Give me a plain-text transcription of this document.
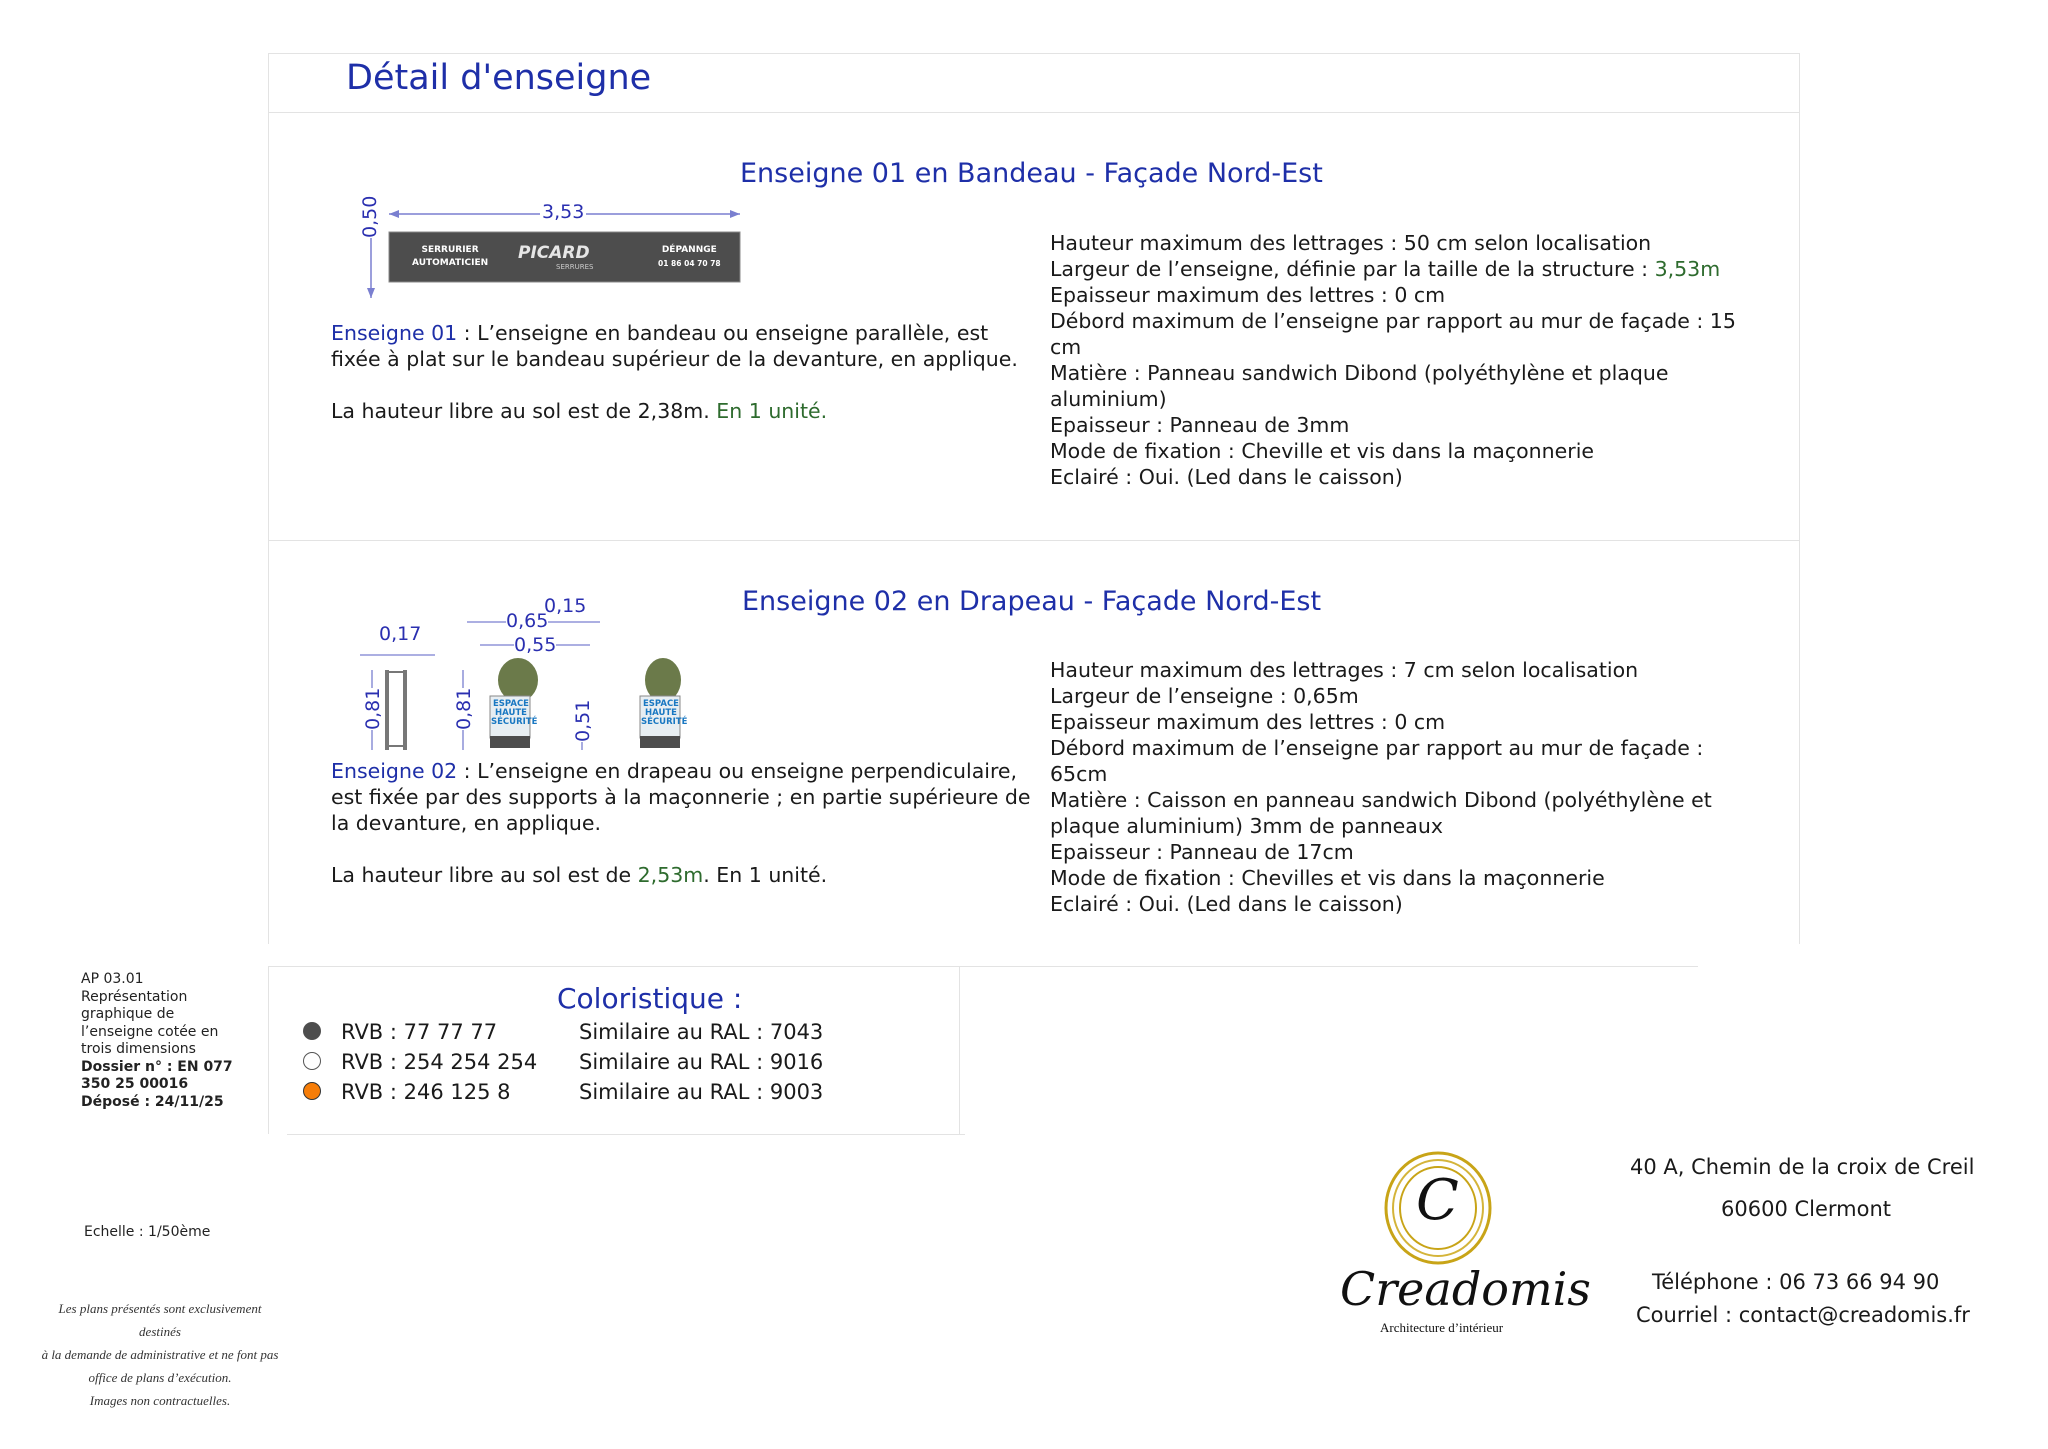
Détail d'enseigne
Enseigne 01 en Bandeau - Façade Nord-Est
3,53
0,50
SERRURIER
AUTOMATICIEN PICARD
SERRURES
DÉPANNGE
01 86 04 70 78
Enseigne 01 : L’enseigne en bandeau ou enseigne parallèle, est
fixée à plat sur le bandeau supérieur de la devanture, en applique.
La hauteur libre au sol est de 2,38m. En 1 unité.
Hauteur maximum des lettrages : 50 cm selon localisation
Largeur de l’enseigne, définie par la taille de la structure : 3,53m
Epaisseur maximum des lettres : 0 cm
Débord maximum de l’enseigne par rapport au mur de façade : 15
cm
Matière : Panneau sandwich Dibond (polyéthylène et plaque
aluminium)
Epaisseur : Panneau de 3mm
Mode de fixation : Cheville et vis dans la maçonnerie
Eclairé : Oui. (Led dans le caisson)
Enseigne 02 en Drapeau - Façade Nord-Est
0,17
0,65
0,15
0,55
0,81	0,81	0,51
ESPACE
HAUTE
SÉCURITÉ
ESPACE
HAUTE
SÉCURITÉ
Enseigne 02 : L’enseigne en drapeau ou enseigne perpendiculaire,
est fixée par des supports à la maçonnerie ; en partie supérieure de
la devanture, en applique.
La hauteur libre au sol est de 2,53m. En 1 unité.
Hauteur maximum des lettrages : 7 cm selon localisation
Largeur de l’enseigne : 0,65m
Epaisseur maximum des lettres : 0 cm
Débord maximum de l’enseigne par rapport au mur de façade :
65cm
Matière : Caisson en panneau sandwich Dibond (polyéthylène et
plaque aluminium) 3mm de panneaux
Epaisseur : Panneau de 17cm
Mode de fixation : Chevilles et vis dans la maçonnerie
Eclairé : Oui. (Led dans le caisson)
Coloristique :
RVB : 77 77 77	Similaire au RAL : 7043
RVB : 254 254 254 Similaire au RAL : 9016
RVB : 246 125 8	Similaire au RAL : 9003
AP 03.01
Représentation
graphique de
l’enseigne cotée en
trois dimensions
Dossier n° : EN 077
350 25 00016
Déposé : 24/11/25
Echelle : 1/50ème
Les plans présentés sont exclusivement destinés
à la demande de administrative et ne font pas
office de plans d’exécution.
Images non contractuelles.
C
Creadomis
Architecture d’intérieur
40 A, Chemin de la croix de Creil
60600 Clermont
Téléphone : 06 73 66 94 90
Courriel : contact@creadomis.fr
